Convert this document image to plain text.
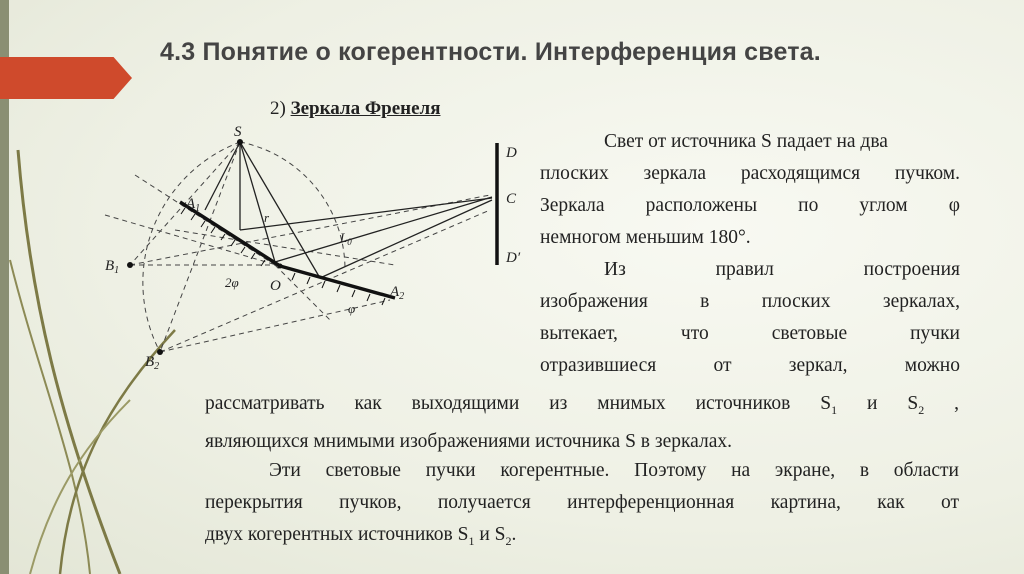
4.3 Понятие о когерентности. Интерференция света.
2) Зеркала Френеля
S
$A_1$
$B_1$
$B_2$
O	$A_2$
2φ
φ
r
$L_0$
D
C
D′
Свет от источника S падает на два
плоских зеркала расходящимся пучком.
Зеркала расположены по углом φ
немногом меньшим 180°.
Из правил построения
изображения в плоских зеркалах,
вытекает, что световые пучки
отразившиеся от зеркал, можно
рассматривать как выходящими из мнимых источников $S_1$ и $S_2$ ,
являющихся мнимыми изображениями источника S в зеркалах.
Эти световые пучки когерентные. Поэтому на экране, в области
перекрытия пучков, получается интерференционная картина, как от
двух когерентных источников $S_1$ и $S_2$.
